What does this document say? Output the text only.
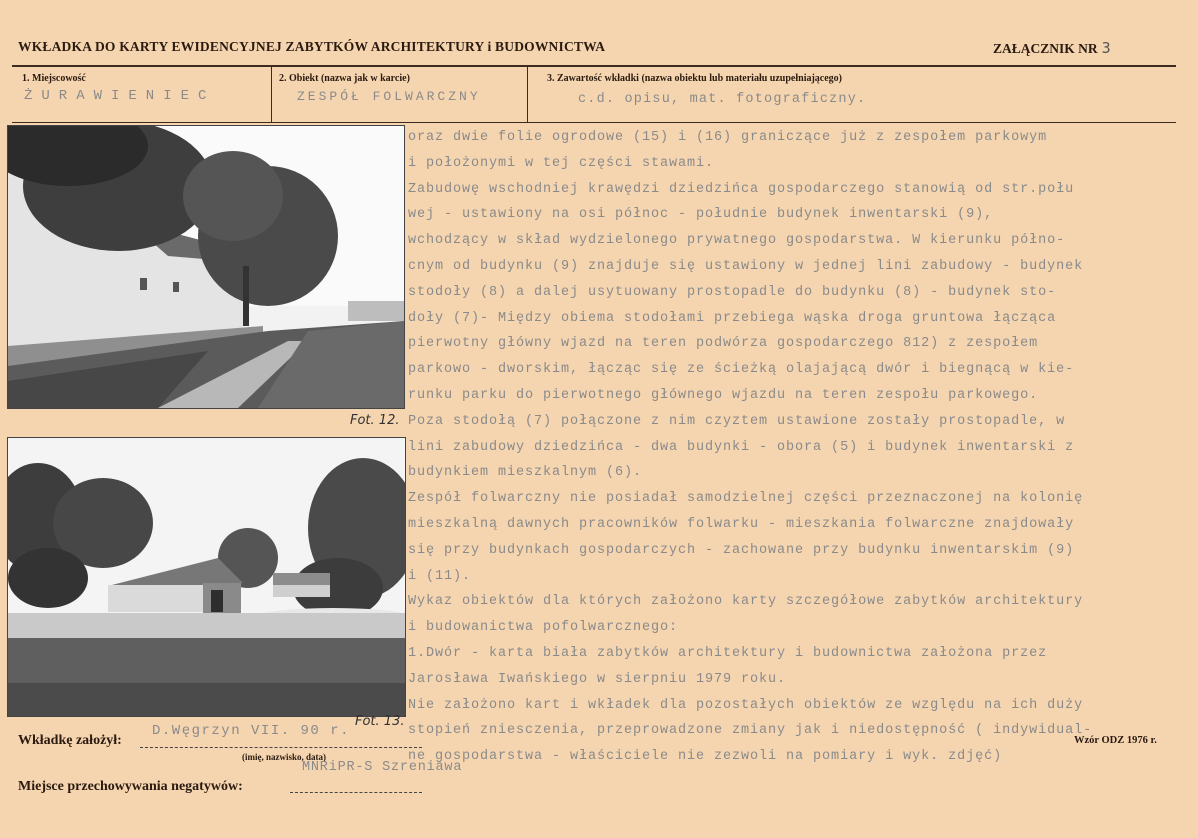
WKŁADKA DO KARTY EWIDENCYJNEJ ZABYTKÓW ARCHITEKTURY i BUDOWNICTWA	ZAŁĄCZNIK NR 3
1. Miejscowość
ŻURAWIENIEC
2. Obiekt (nazwa jak w karcie)
ZESPÓŁ FOLWARCZNY
3. Zawartość wkładki (nazwa obiektu lub materiału uzupełniającego)
c.d. opisu, mat. fotograficzny.
Fot. 12.
Fot. 13.
oraz dwie folie ogrodowe (15) i (16) graniczące już z zespołem parkowym
i położonymi w tej części stawami.
Zabudowę wschodniej krawędzi dziedzińca gospodarczego stanowią od str.połu
wej - ustawiony na osi północ - południe budynek inwentarski (9),
wchodzący w skład wydzielonego prywatnego gospodarstwa. W kierunku półno-
cnym od budynku (9) znajduje się ustawiony w jednej lini zabudowy - budynek
stodoły (8) a dalej usytuowany prostopadle do budynku (8) - budynek sto-
doły (7)- Między obiema stodołami przebiega wąska droga gruntowa łącząca
pierwotny główny wjazd na teren podwórza gospodarczego 812) z zespołem
parkowo - dworskim, łącząc się ze ścieżką olajającą dwór i biegnącą w kie-
runku parku do pierwotnego głównego wjazdu na teren zespołu parkowego.
Poza stodołą (7) połączone z nim czyztem ustawione zostały prostopadle, w
lini zabudowy dziedzińca - dwa budynki - obora (5) i budynek inwentarski z
budynkiem mieszkalnym (6).
Zespół folwarczny nie posiadał samodzielnej części przeznaczonej na kolonię
mieszkalną dawnych pracowników folwarku - mieszkania folwarczne znajdowały
się przy budynkach gospodarczych - zachowane przy budynku inwentarskim (9)
i (11).
Wykaz obiektów dla których założono karty szczegółowe zabytków architektury
i budowanictwa pofolwarcznego:
1.Dwór - karta biała zabytków architektury i budownictwa założona przez
Jarosława Iwańskiego w sierpniu 1979 roku.
Nie założono kart i wkładek dla pozostałych obiektów ze względu na ich duży
stopień zniesczenia, przeprowadzone zmiany jak i niedostępność ( indywidual-
ne gospodarstwa - właściciele nie zezwoli na pomiary i wyk. zdjęć)
Wkładkę założył:
D.Węgrzyn VII. 90 r.
(imię, nazwisko, data)
Wzór ODZ 1976 r.
MNRiPR-S Szreniawa
Miejsce przechowywania negatywów:
